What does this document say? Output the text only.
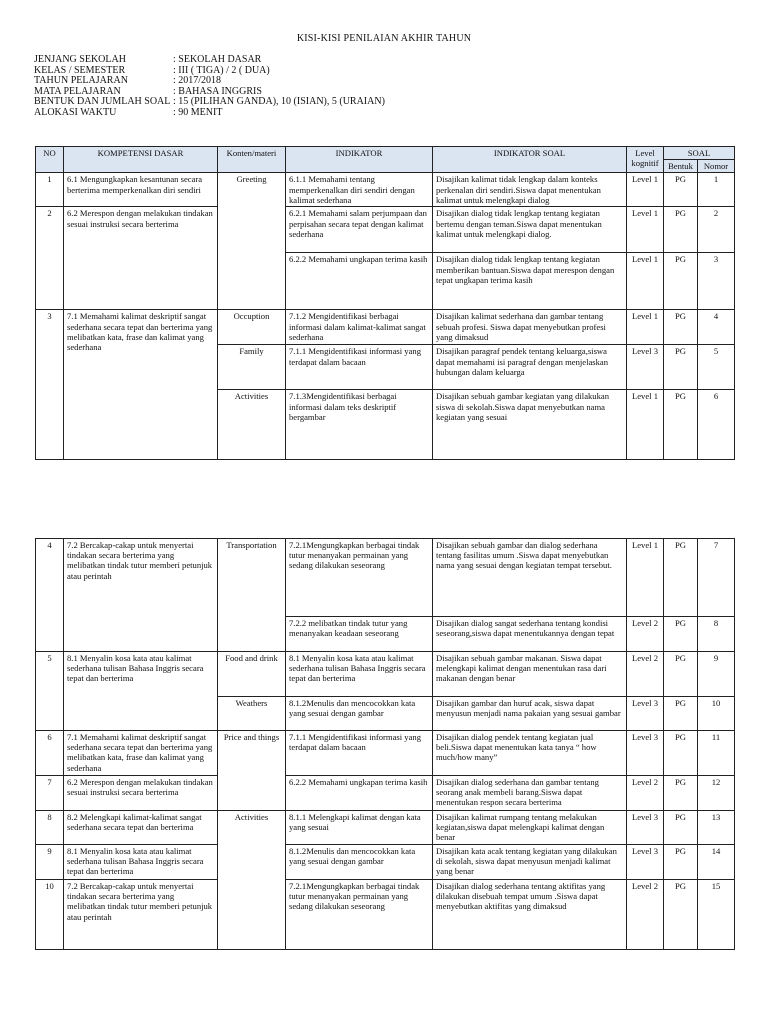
KISI-KISI PENILAIAN AKHIR TAHUN
JENJANG SEKOLAH	: SEKOLAH DASAR
KELAS / SEMESTER	: III ( TIGA) / 2 ( DUA)
TAHUN PELAJARAN	: 2017/2018
MATA PELAJARAN	: BAHASA INGGRIS
BENTUK DAN JUMLAH SOAL : 15 (PILIHAN GANDA), 10 (ISIAN), 5 (URAIAN)
ALOKASI WAKTU	: 90 MENIT
NO	KOMPETENSI DASAR	Konten/materi	INDIKATOR	INDIKATOR SOAL	Level kognitif	SOAL	
						Bentuk	Nomor
1	6.1 Mengungkapkan kesantunan secara berterima memperkenalkan diri sendiri	Greeting	6.1.1 Memahami tentang memperkenalkan diri sendiri dengan kalimat sederhana	Disajikan kalimat tidak lengkap dalam konteks perkenalan diri sendiri.Siswa dapat menentukan kalimat untuk melengkapi dialog	Level 1	PG	1
2	6.2 Merespon dengan melakukan tindakan sesuai instruksi secara berterima		6.2.1 Memahami salam perjumpaan dan perpisahan secara tepat dengan kalimat sederhana	Disajikan dialog tidak lengkap tentang kegiatan bertemu dengan teman.Siswa dapat menentukan kalimat untuk melengkapi dialog.	Level 1	PG	2
			6.2.2 Memahami ungkapan terima kasih	Disajikan dialog tidak lengkap tentang kegiatan memberikan bantuan.Siswa dapat merespon dengan tepat ungkapan terima kasih	Level 1	PG	3
3	7.1 Memahami kalimat deskriptif sangat sederhana secara tepat dan berterima yang melibatkan kata, frase dan kalimat yang sederhana	Occuption	7.1.2 Mengidentifikasi berbagai informasi dalam kalimat-kalimat sangat sederhana	Disajikan kalimat sederhana dan gambar tentang sebuah profesi. Siswa dapat menyebutkan profesi yang dimaksud	Level 1	PG	4
		Family	7.1.1 Mengidentifikasi informasi yang terdapat dalam bacaan	Disajikan paragraf pendek tentang keluarga,siswa dapat memahami isi paragraf dengan menjelaskan hubungan dalam keluarga	Level 3	PG	5
		Activities	7.1.3Mengidentifikasi berbagai informasi dalam teks deskriptif bergambar	Disajikan sebuah gambar kegiatan yang dilakukan siswa di sekolah.Siswa dapat menyebutkan nama kegiatan yang sesuai	Level 1	PG	6
4	7.2 Bercakap-cakap untuk menyertai tindakan secara berterima yang melibatkan tindak tutur memberi petunjuk atau perintah	Transportation	7.2.1Mengungkapkan berbagai tindak tutur menanyakan permainan yang sedang dilakukan seseorang	Disajikan sebuah gambar dan dialog sederhana tentang fasilitas umum .Siswa dapat menyebutkan nama yang sesuai dengan kegiatan tempat tersebut.	Level 1	PG	7
			7.2.2 melibatkan tindak tutur yang menanyakan keadaan seseorang	Disajikan dialog sangat sederhana tentang kondisi seseorang,siswa dapat menentukannya dengan tepat	Level 2	PG	8
5	8.1 Menyalin kosa kata atau kalimat sederhana tulisan Bahasa Inggris secara tepat dan berterima	Food and drink	8.1 Menyalin kosa kata atau kalimat sederhana tulisan Bahasa Inggris secara tepat dan berterima	Disajikan sebuah gambar makanan. Siswa dapat melengkapi kalimat dengan menentukan rasa dari makanan dengan benar	Level 2	PG	9
		Weathers	8.1.2Menulis dan mencocokkan kata yang sesuai dengan gambar	Disajikan gambar dan huruf acak, siswa dapat menyusun menjadi nama pakaian yang sesuai gambar	Level 3	PG	10
6	7.1 Memahami kalimat deskriptif sangat sederhana secara tepat dan berterima yang melibatkan kata, frase dan kalimat yang sederhana	Price and things	7.1.1 Mengidentifikasi informasi yang terdapat dalam bacaan	Disajikan dialog pendek tentang kegiatan jual beli.Siswa dapat menentukan kata tanya “ how much/how many”	Level 3	PG	11
7	6.2 Merespon dengan melakukan tindakan sesuai instruksi secara berterima		6.2.2 Memahami ungkapan terima kasih	Disajikan dialog sederhana dan gambar tentang seorang anak membeli barang.Siswa dapat menentukan respon secara berterima	Level 2	PG	12
8	8.2 Melengkapi kalimat-kalimat sangat sederhana secara tepat dan berterima	Activities	8.1.1 Melengkapi kalimat dengan kata yang sesuai	Disajikan kalimat rumpang tentang melakukan kegiatan,siswa dapat melengkapi kalimat dengan benar	Level 3	PG	13
9	8.1 Menyalin kosa kata atau kalimat sederhana tulisan Bahasa Inggris secara tepat dan berterima		8.1.2Menulis dan mencocokkan kata yang sesuai dengan gambar	Disajikan kata acak tentang kegiatan yang dilakukan di sekolah, siswa dapat menyusun menjadi kalimat yang benar	Level 3	PG	14
10	7.2 Bercakap-cakap untuk menyertai tindakan secara berterima yang melibatkan tindak tutur memberi petunjuk atau perintah		7.2.1Mengungkapkan berbagai tindak tutur menanyakan permainan yang sedang dilakukan seseorang	Disajikan dialog sederhana tentang aktifitas yang dilakukan disebuah tempat umum .Siswa dapat menyebutkan aktifitas yang dimaksud	Level 2	PG	15
